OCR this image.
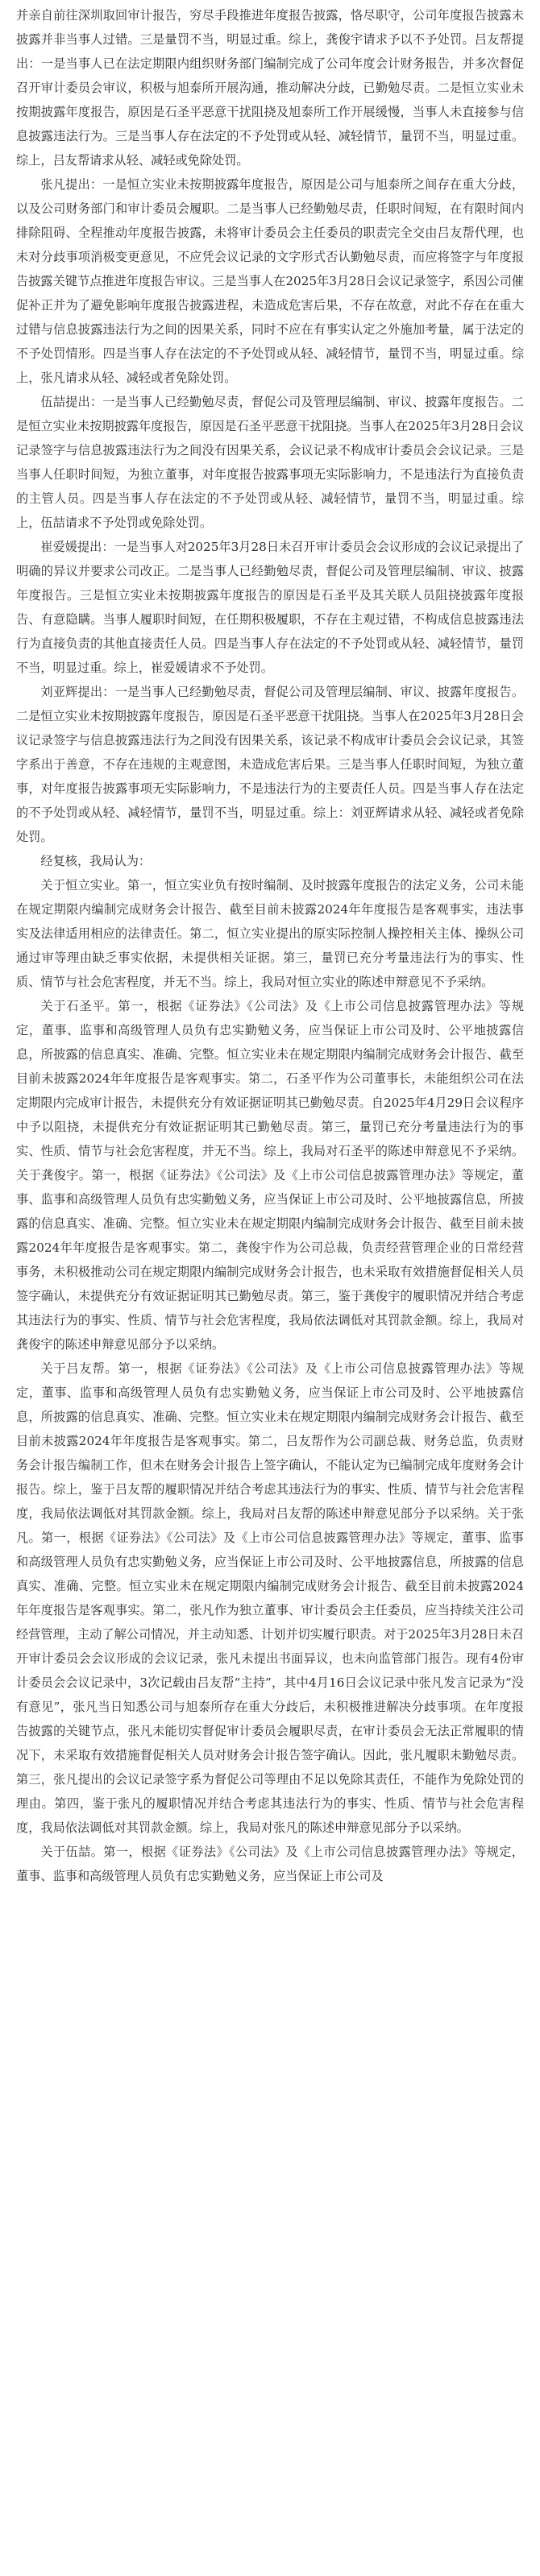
并亲自前往深圳取回审计报告，穷尽手段推进年度报告披露，恪尽职守，公司年度报告披露未披露并非当事人过错。三是量罚不当，明显过重。综上，龚俊宇请求予以不予处罚。吕友帮提出：一是当事人已在法定期限内组织财务部门编制完成了公司年度会计财务报告，并多次督促召开审计委员会审议，积极与旭泰所开展沟通，推动解决分歧，已勤勉尽责。二是恒立实业未按期披露年度报告，原因是石圣平恶意干扰阻挠及旭泰所工作开展缓慢，当事人未直接参与信息披露违法行为。三是当事人存在法定的不予处罚或从轻、减轻情节，量罚不当，明显过重。综上，吕友帮请求从轻、减轻或免除处罚。

张凡提出：一是恒立实业未按期披露年度报告，原因是公司与旭泰所之间存在重大分歧，以及公司财务部门和审计委员会履职。二是当事人已经勤勉尽责，任职时间短，在有限时间内排除阻碍、全程推动年度报告披露，未将审计委员会主任委员的职责完全交由吕友帮代理，也未对分歧事项消极变更意见，不应凭会议记录的文字形式否认勤勉尽责，而应将签字与年度报告披露关键节点推进年度报告审议。三是当事人在2025年3月28日会议记录签字，系因公司催促补正并为了避免影响年度报告披露进程，未造成危害后果，不存在故意，对此不存在在重大过错与信息披露违法行为之间的因果关系，同时不应在有事实认定之外施加考量，属于法定的不予处罚情形。四是当事人存在法定的不予处罚或从轻、减轻情节，量罚不当，明显过重。综上，张凡请求从轻、减轻或者免除处罚。

伍喆提出：一是当事人已经勤勉尽责，督促公司及管理层编制、审议、披露年度报告。二是恒立实业未按期披露年度报告，原因是石圣平恶意干扰阻挠。当事人在2025年3月28日会议记录签字与信息披露违法行为之间没有因果关系，会议记录不构成审计委员会会议记录。三是当事人任职时间短，为独立董事，对年度报告披露事项无实际影响力，不是违法行为直接负责的主管人员。四是当事人存在法定的不予处罚或从轻、减轻情节，量罚不当，明显过重。综上，伍喆请求不予处罚或免除处罚。

崔爱媛提出：一是当事人对2025年3月28日未召开审计委员会会议形成的会议记录提出了明确的异议并要求公司改正。二是当事人已经勤勉尽责，督促公司及管理层编制、审议、披露年度报告。三是恒立实业未按期披露年度报告的原因是石圣平及其关联人员阻挠披露年度报告、有意隐瞒。当事人履职时间短，在任期积极履职，不存在主观过错，不构成信息披露违法行为直接负责的其他直接责任人员。四是当事人存在法定的不予处罚或从轻、减轻情节，量罚不当，明显过重。综上，崔爱媛请求不予处罚。

刘亚辉提出：一是当事人已经勤勉尽责，督促公司及管理层编制、审议、披露年度报告。二是恒立实业未按期披露年度报告，原因是石圣平恶意干扰阻挠。当事人在2025年3月28日会议记录签字与信息披露违法行为之间没有因果关系，该记录不构成审计委员会会议记录，其签字系出于善意，不存在违规的主观意图，未造成危害后果。三是当事人任职时间短，为独立董事，对年度报告披露事项无实际影响力，不是违法行为的主要责任人员。四是当事人存在法定的不予处罚或从轻、减轻情节，量罚不当，明显过重。综上：刘亚辉请求从轻、减轻或者免除处罚。

经复核，我局认为：

关于恒立实业。第一，恒立实业负有按时编制、及时披露年度报告的法定义务，公司未能在规定期限内编制完成财务会计报告、截至目前未披露2024年年度报告是客观事实，违法事实及法律适用相应的法律责任。第二，恒立实业提出的原实际控制人操控相关主体、操纵公司通过审等理由缺乏事实依据，未提供相关证据。第三，量罚已充分考量违法行为的事实、性质、情节与社会危害程度，并无不当。综上，我局对恒立实业的陈述申辩意见不予采纳。

关于石圣平。第一，根据《证券法》《公司法》及《上市公司信息披露管理办法》等规定，董事、监事和高级管理人员负有忠实勤勉义务，应当保证上市公司及时、公平地披露信息，所披露的信息真实、准确、完整。恒立实业未在规定期限内编制完成财务会计报告、截至目前未披露2024年年度报告是客观事实。第二，石圣平作为公司董事长，未能组织公司在法定期限内完成审计报告，未提供充分有效证据证明其已勤勉尽责。自2025年4月29日会议程序中予以阻挠，未提供充分有效证据证明其已勤勉尽责。第三，量罚已充分考量违法行为的事实、性质、情节与社会危害程度，并无不当。综上，我局对石圣平的陈述申辩意见不予采纳。关于龚俊宇。第一，根据《证券法》《公司法》及《上市公司信息披露管理办法》等规定，董事、监事和高级管理人员负有忠实勤勉义务，应当保证上市公司及时、公平地披露信息，所披露的信息真实、准确、完整。恒立实业未在规定期限内编制完成财务会计报告、截至目前未披露2024年年度报告是客观事实。第二，龚俊宇作为公司总裁，负责经营管理企业的日常经营事务，未积极推动公司在规定期限内编制完成财务会计报告，也未采取有效措施督促相关人员签字确认，未提供充分有效证据证明其已勤勉尽责。第三，鉴于龚俊宇的履职情况并结合考虑其违法行为的事实、性质、情节与社会危害程度，我局依法调低对其罚款金额。综上，我局对龚俊宇的陈述申辩意见部分予以采纳。

关于吕友帮。第一，根据《证券法》《公司法》及《上市公司信息披露管理办法》等规定，董事、监事和高级管理人员负有忠实勤勉义务，应当保证上市公司及时、公平地披露信息，所披露的信息真实、准确、完整。恒立实业未在规定期限内编制完成财务会计报告、截至目前未披露2024年年度报告是客观事实。第二，吕友帮作为公司副总裁、财务总监，负责财务会计报告编制工作，但未在财务会计报告上签字确认，不能认定为已编制完成年度财务会计报告。综上，鉴于吕友帮的履职情况并结合考虑其违法行为的事实、性质、情节与社会危害程度，我局依法调低对其罚款金额。综上，我局对吕友帮的陈述申辩意见部分予以采纳。关于张凡。第一，根据《证券法》《公司法》及《上市公司信息披露管理办法》等规定，董事、监事和高级管理人员负有忠实勤勉义务，应当保证上市公司及时、公平地披露信息，所披露的信息真实、准确、完整。恒立实业未在规定期限内编制完成财务会计报告、截至目前未披露2024年年度报告是客观事实。第二，张凡作为独立董事、审计委员会主任委员，应当持续关注公司经营管理，主动了解公司情况，并主动知悉、计划并切实履行职责。对于2025年3月28日未召开审计委员会会议形成的会议记录，张凡未提出书面异议，也未向监管部门报告。现有4份审计委员会会议记录中，3次记载由吕友帮“主持”，其中4月16日会议记录中张凡发言记录为“没有意见”，张凡当日知悉公司与旭泰所存在重大分歧后，未积极推进解决分歧事项。在年度报告披露的关键节点，张凡未能切实督促审计委员会履职尽责，在审计委员会无法正常履职的情况下，未采取有效措施督促相关人员对财务会计报告签字确认。因此，张凡履职未勤勉尽责。第三，张凡提出的会议记录签字系为督促公司等理由不足以免除其责任，不能作为免除处罚的理由。第四，鉴于张凡的履职情况并结合考虑其违法行为的事实、性质、情节与社会危害程度，我局依法调低对其罚款金额。综上，我局对张凡的陈述申辩意见部分予以采纳。

关于伍喆。第一，根据《证券法》《公司法》及《上市公司信息披露管理办法》等规定，董事、监事和高级管理人员负有忠实勤勉义务，应当保证上市公司及
